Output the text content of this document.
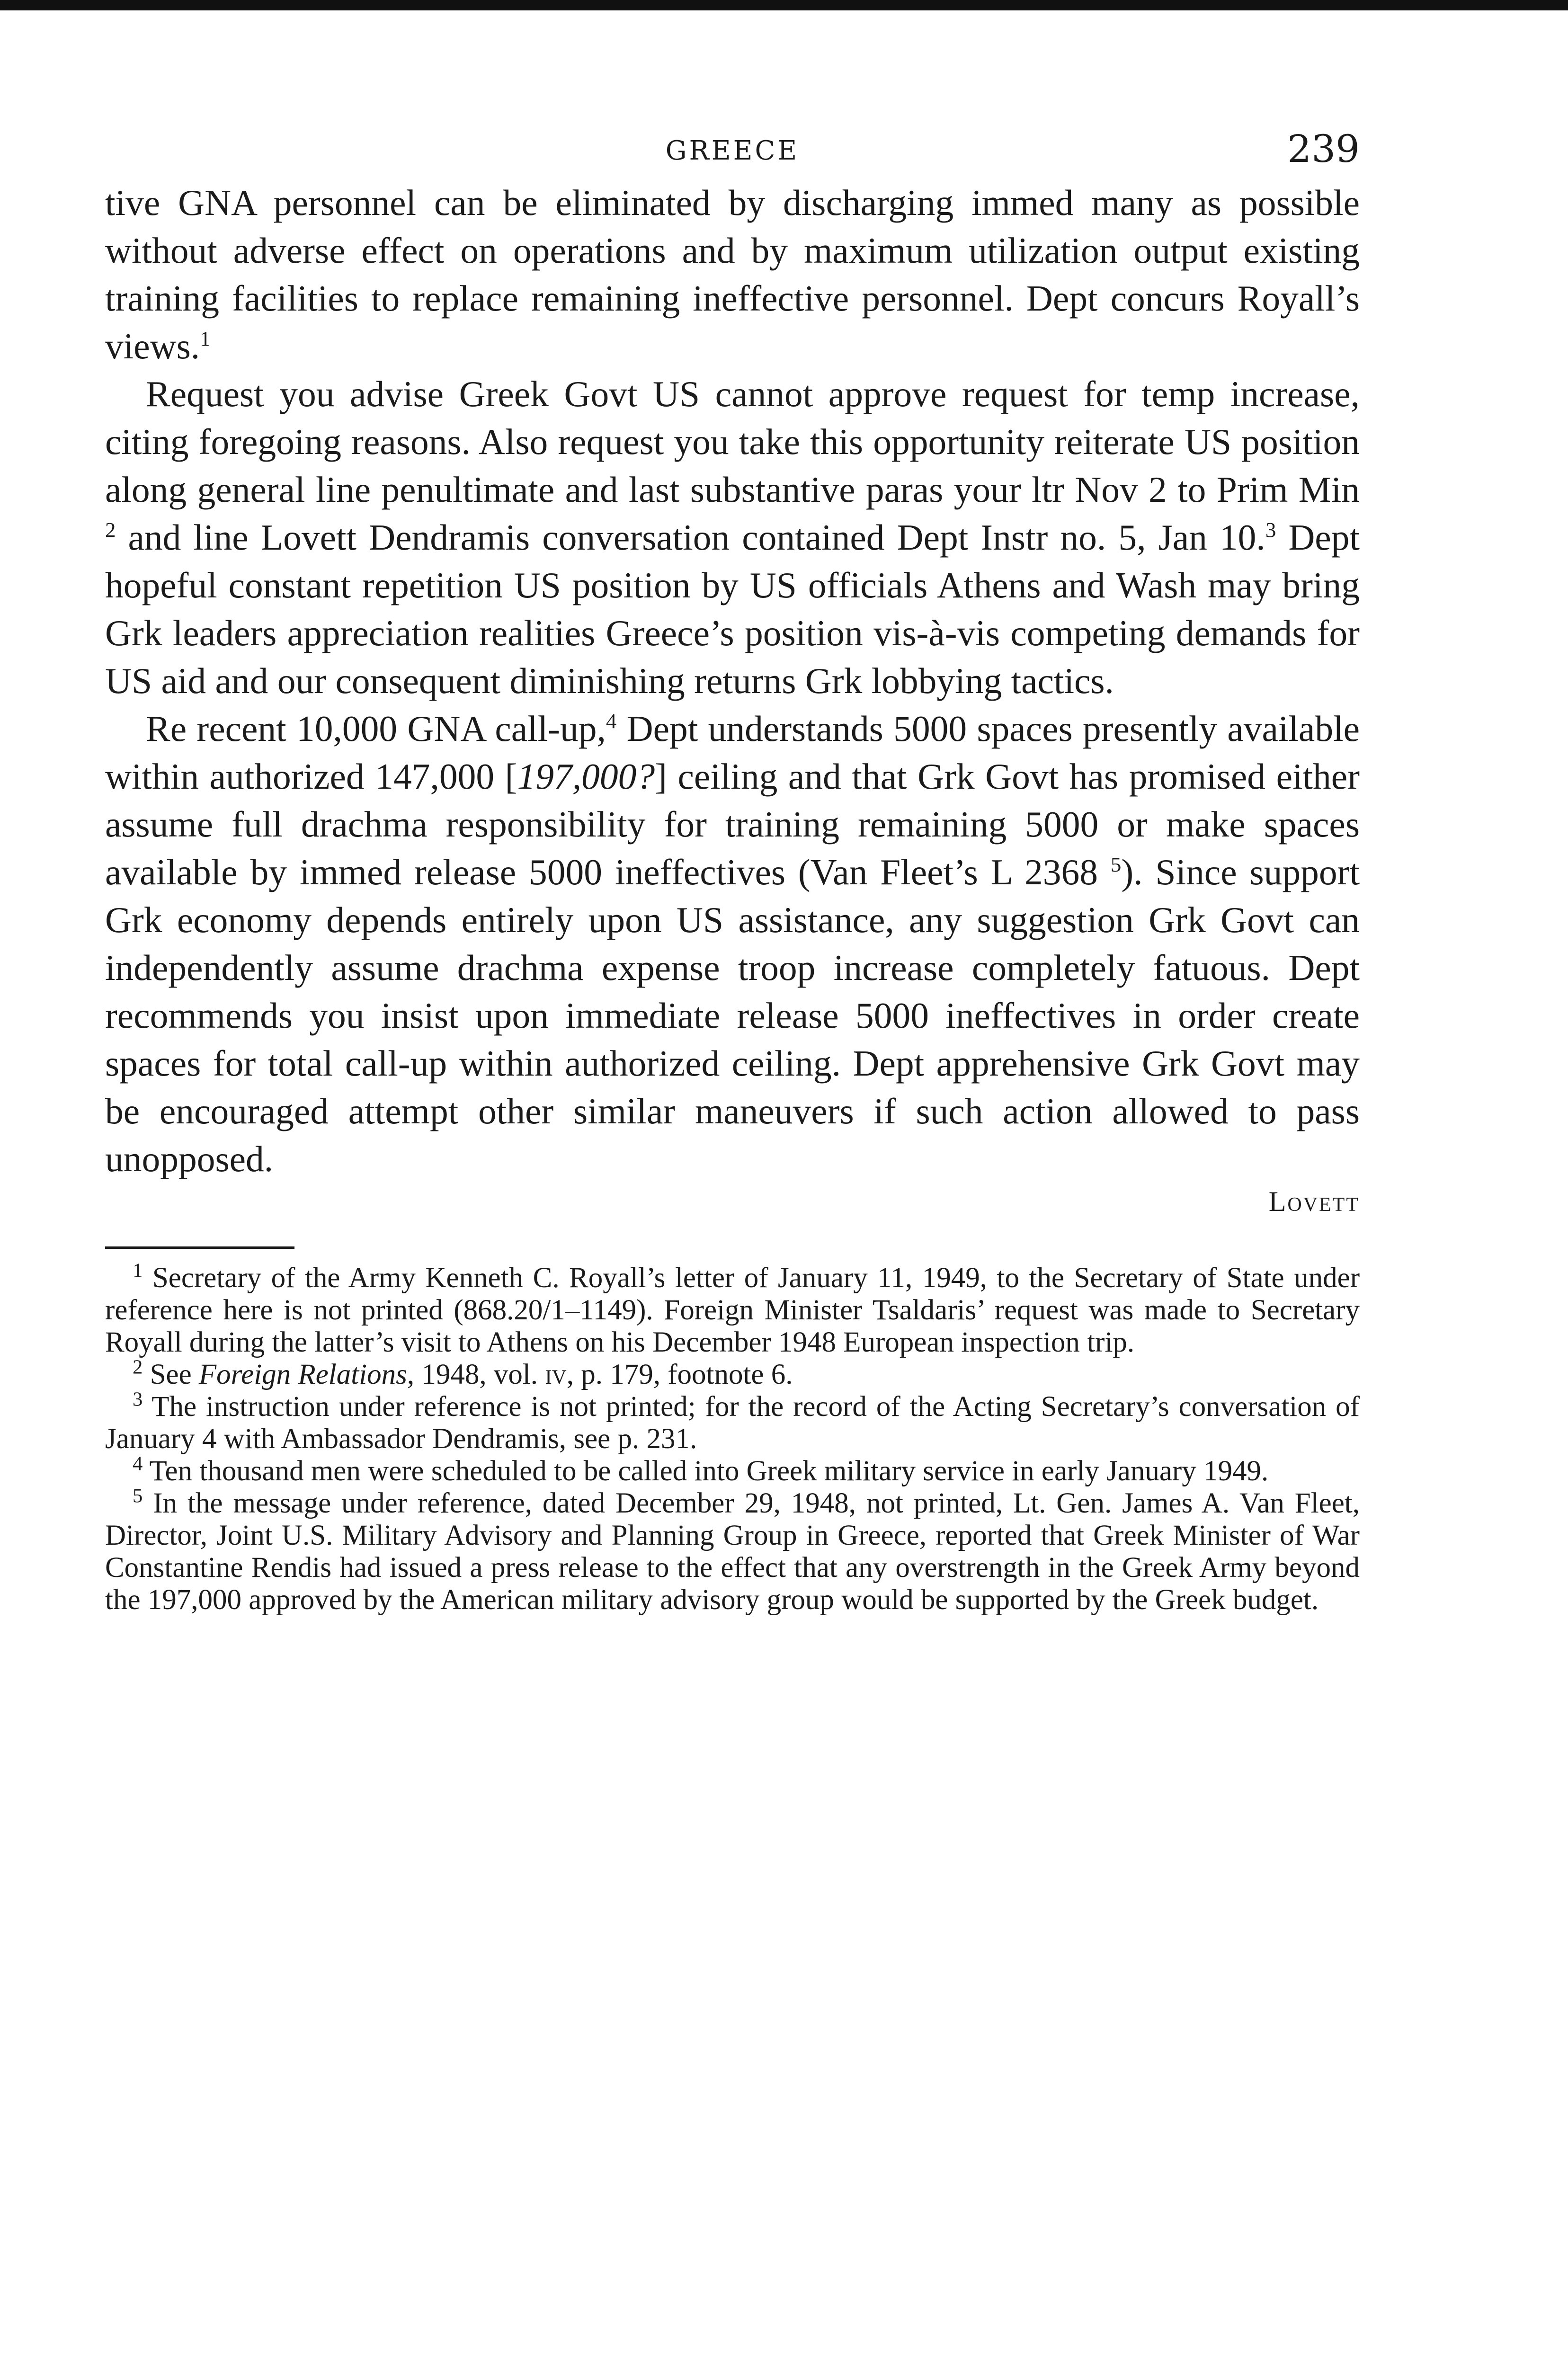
GREECE	239

tive GNA personnel can be eliminated by discharging immed many as possible without adverse effect on operations and by maximum utilization output existing training facilities to replace remaining ineffective personnel. Dept concurs Royall’s views.$^1$

Request you advise Greek Govt US cannot approve request for temp increase, citing foregoing reasons. Also request you take this opportunity reiterate US position along general line penultimate and last substantive paras your ltr Nov 2 to Prim Min $^2$ and line Lovett Dendramis conversation contained Dept Instr no. 5, Jan 10.$^3$ Dept hopeful constant repetition US position by US officials Athens and Wash may bring Grk leaders appreciation realities Greece’s position vis-à-vis competing demands for US aid and our consequent diminishing returns Grk lobbying tactics.

Re recent 10,000 GNA call-up,$^4$ Dept understands 5000 spaces presently available within authorized 147,000 [197,000?] ceiling and that Grk Govt has promised either assume full drachma responsibility for training remaining 5000 or make spaces available by immed release 5000 ineffectives (Van Fleet’s L 2368 $^5$). Since support Grk economy depends entirely upon US assistance, any suggestion Grk Govt can independently assume drachma expense troop increase completely fatuous. Dept recommends you insist upon immediate release 5000 ineffectives in order create spaces for total call-up within authorized ceiling. Dept apprehensive Grk Govt may be encouraged attempt other similar maneuvers if such action allowed to pass unopposed.

Lovett

$^1$ Secretary of the Army Kenneth C. Royall’s letter of January 11, 1949, to the Secretary of State under reference here is not printed (868.20/1–1149). Foreign Minister Tsaldaris’ request was made to Secretary Royall during the latter’s visit to Athens on his December 1948 European inspection trip.

$^2$ See Foreign Relations, 1948, vol. iv, p. 179, footnote 6.

$^3$ The instruction under reference is not printed; for the record of the Acting Secretary’s conversation of January 4 with Ambassador Dendramis, see p. 231.

$^4$ Ten thousand men were scheduled to be called into Greek military service in early January 1949.

$^5$ In the message under reference, dated December 29, 1948, not printed, Lt. Gen. James A. Van Fleet, Director, Joint U.S. Military Advisory and Planning Group in Greece, reported that Greek Minister of War Constantine Rendis had issued a press release to the effect that any overstrength in the Greek Army beyond the 197,000 approved by the American military advisory group would be supported by the Greek budget.
